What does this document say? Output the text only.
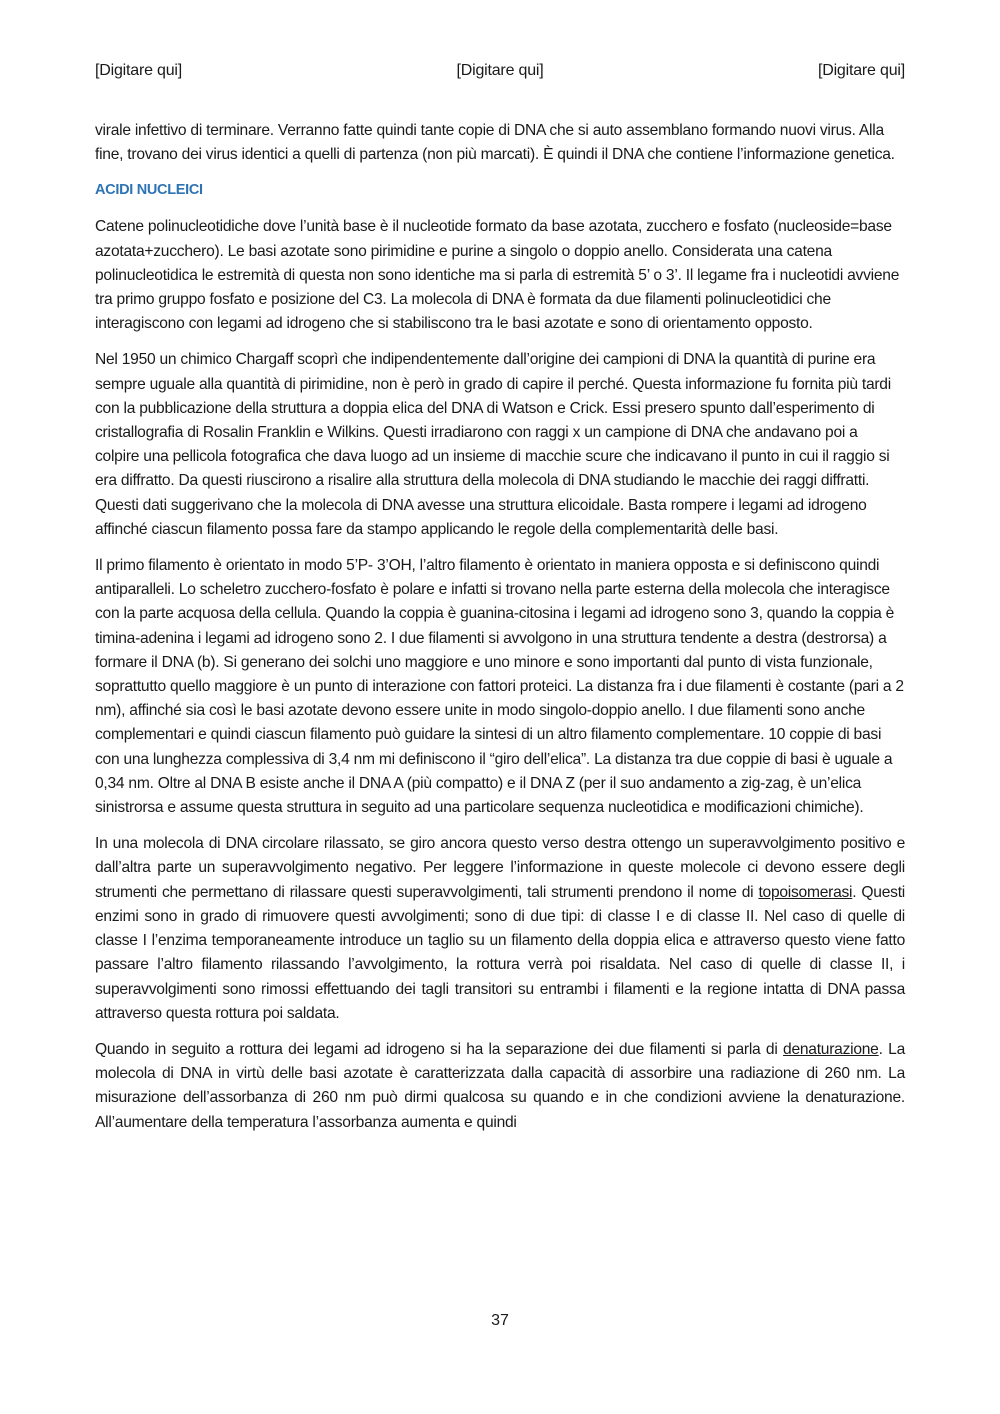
[Digitare qui]	[Digitare qui]	[Digitare qui]

virale infettivo di terminare. Verranno fatte quindi tante copie di DNA che si auto assemblano formando nuovi virus. Alla fine, trovano dei virus identici a quelli di partenza (non più marcati). È quindi il DNA che contiene l’informazione genetica.

ACIDI NUCLEICI

Catene polinucleotidiche dove l’unità base è il nucleotide formato da base azotata, zucchero e fosfato (nucleoside=base azotata+zucchero). Le basi azotate sono pirimidine e purine a singolo o doppio anello. Considerata una catena polinucleotidica le estremità di questa non sono identiche ma si parla di estremità 5’ o 3’. Il legame fra i nucleotidi avviene tra primo gruppo fosfato e posizione del C3. La molecola di DNA è formata da due filamenti polinucleotidici che interagiscono con legami ad idrogeno che si stabiliscono tra le basi azotate e sono di orientamento opposto.

Nel 1950 un chimico Chargaff scoprì che indipendentemente dall’origine dei campioni di DNA la quantità di purine era sempre uguale alla quantità di pirimidine, non è però in grado di capire il perché. Questa informazione fu fornita più tardi con la pubblicazione della struttura a doppia elica del DNA di Watson e Crick. Essi presero spunto dall’esperimento di cristallografia di Rosalin Franklin e Wilkins. Questi irradiarono con raggi x un campione di DNA che andavano poi a colpire una pellicola fotografica che dava luogo ad un insieme di macchie scure che indicavano il punto in cui il raggio si era diffratto. Da questi riuscirono a risalire alla struttura della molecola di DNA studiando le macchie dei raggi diffratti. Questi dati suggerivano che la molecola di DNA avesse una struttura elicoidale. Basta rompere i legami ad idrogeno affinché ciascun filamento possa fare da stampo applicando le regole della complementarità delle basi.

Il primo filamento è orientato in modo 5’P- 3’OH, l’altro filamento è orientato in maniera opposta e si definiscono quindi antiparalleli. Lo scheletro zucchero-fosfato è polare e infatti si trovano nella parte esterna della molecola che interagisce con la parte acquosa della cellula. Quando la coppia è guanina-citosina i legami ad idrogeno sono 3, quando la coppia è timina-adenina i legami ad idrogeno sono 2. I due filamenti si avvolgono in una struttura tendente a destra (destrorsa) a formare il DNA (b). Si generano dei solchi uno maggiore e uno minore e sono importanti dal punto di vista funzionale, soprattutto quello maggiore è un punto di interazione con fattori proteici. La distanza fra i due filamenti è costante (pari a 2 nm), affinché sia così le basi azotate devono essere unite in modo singolo-doppio anello. I due filamenti sono anche complementari e quindi ciascun filamento può guidare la sintesi di un altro filamento complementare. 10 coppie di basi con una lunghezza complessiva di 3,4 nm mi definiscono il “giro dell’elica”. La distanza tra due coppie di basi è uguale a 0,34 nm. Oltre al DNA B esiste anche il DNA A (più compatto) e il DNA Z (per il suo andamento a zig-zag, è un’elica sinistrorsa e assume questa struttura in seguito ad una particolare sequenza nucleotidica e modificazioni chimiche).

In una molecola di DNA circolare rilassato, se giro ancora questo verso destra ottengo un superavvolgimento positivo e dall’altra parte un superavvolgimento negativo. Per leggere l’informazione in queste molecole ci devono essere degli strumenti che permettano di rilassare questi superavvolgimenti, tali strumenti prendono il nome di topoisomerasi. Questi enzimi sono in grado di rimuovere questi avvolgimenti; sono di due tipi: di classe I e di classe II. Nel caso di quelle di classe I l’enzima temporaneamente introduce un taglio su un filamento della doppia elica e attraverso questo viene fatto passare l’altro filamento rilassando l’avvolgimento, la rottura verrà poi risaldata. Nel caso di quelle di classe II, i superavvolgimenti sono rimossi effettuando dei tagli transitori su entrambi i filamenti e la regione intatta di DNA passa attraverso questa rottura poi saldata.

Quando in seguito a rottura dei legami ad idrogeno si ha la separazione dei due filamenti si parla di denaturazione. La molecola di DNA in virtù delle basi azotate è caratterizzata dalla capacità di assorbire una radiazione di 260 nm. La misurazione dell’assorbanza di 260 nm può dirmi qualcosa su quando e in che condizioni avviene la denaturazione. All’aumentare della temperatura l’assorbanza aumenta e quindi

37
